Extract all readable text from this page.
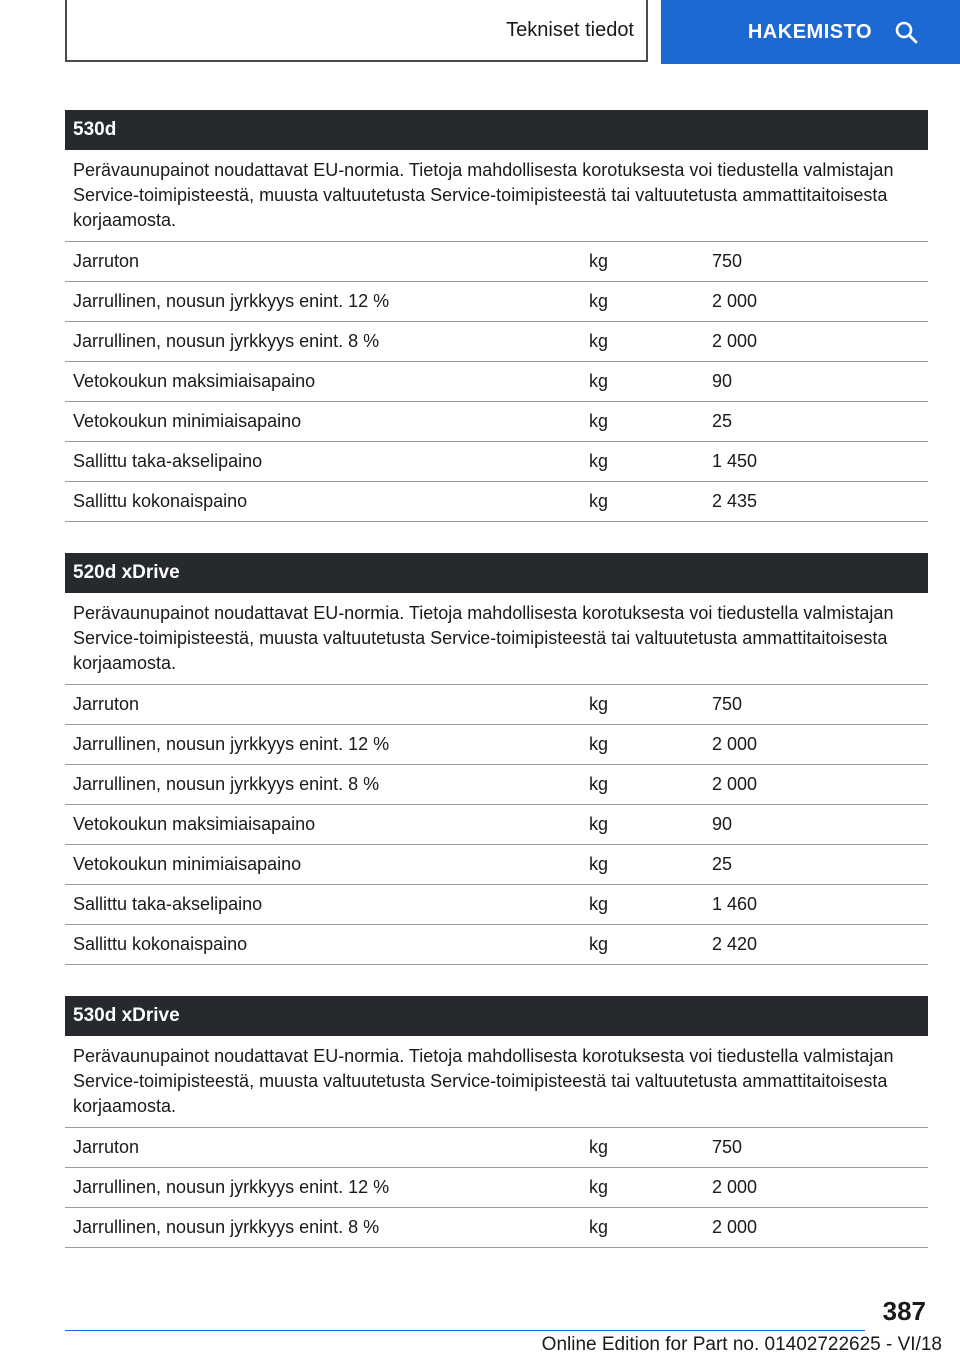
Tekniset tiedot	HAKEMISTO
530d
Perävaunupainot noudattavat EU-normia. Tietoja mahdollisesta korotuksesta voi tiedustella valmistajan Service-toimipisteestä, muusta valtuutetusta Service-toimipisteestä tai valtuutetusta ammattitaitoisesta korjaamosta.
Jarruton	kg	750
Jarrullinen, nousun jyrkkyys enint. 12 %	kg	2 000
Jarrullinen, nousun jyrkkyys enint. 8 %	kg	2 000
Vetokoukun maksimiaisapaino	kg	90
Vetokoukun minimiaisapaino	kg	25
Sallittu taka-akselipaino	kg	1 450
Sallittu kokonaispaino	kg	2 435
520d xDrive
Perävaunupainot noudattavat EU-normia. Tietoja mahdollisesta korotuksesta voi tiedustella valmistajan Service-toimipisteestä, muusta valtuutetusta Service-toimipisteestä tai valtuutetusta ammattitaitoisesta korjaamosta.
Jarruton	kg	750
Jarrullinen, nousun jyrkkyys enint. 12 %	kg	2 000
Jarrullinen, nousun jyrkkyys enint. 8 %	kg	2 000
Vetokoukun maksimiaisapaino	kg	90
Vetokoukun minimiaisapaino	kg	25
Sallittu taka-akselipaino	kg	1 460
Sallittu kokonaispaino	kg	2 420
530d xDrive
Perävaunupainot noudattavat EU-normia. Tietoja mahdollisesta korotuksesta voi tiedustella valmistajan Service-toimipisteestä, muusta valtuutetusta Service-toimipisteestä tai valtuutetusta ammattitaitoisesta korjaamosta.
Jarruton	kg	750
Jarrullinen, nousun jyrkkyys enint. 12 %	kg	2 000
Jarrullinen, nousun jyrkkyys enint. 8 %	kg	2 000
387
Online Edition for Part no. 01402722625 - VI/18
